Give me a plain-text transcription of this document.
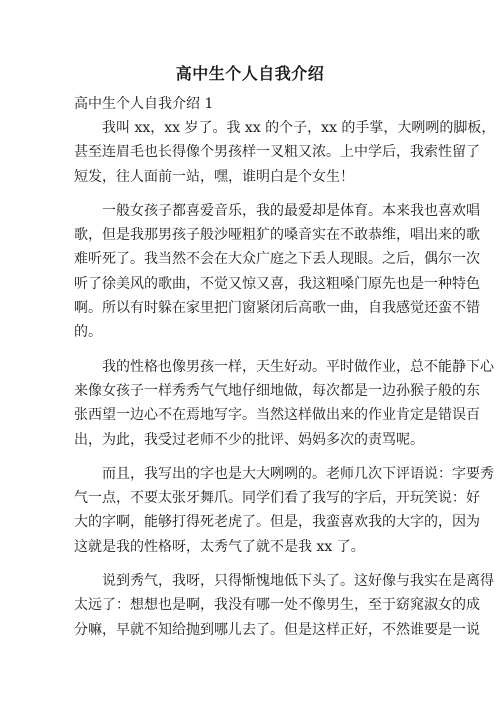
高中生个人自我介绍
高中生个人自我介绍 1

我叫 xx，xx 岁了。我 xx 的个子，xx 的手掌，大咧咧的脚板，
甚至连眉毛也长得像个男孩样一叉粗又浓。上中学后，我索性留了
短发，往人面前一站，嘿，谁明白是个女生！

一般女孩子都喜爱音乐，我的最爱却是体育。本来我也喜欢唱
歌，但是我那男孩子般沙哑粗犷的嗓音实在不敢恭维，唱出来的歌
难听死了。我当然不会在大众广庭之下丢人现眼。之后，偶尔一次
听了徐美风的歌曲，不觉又惊又喜，我这粗嗓门原先也是一种特色
啊。所以有时躲在家里把门窗紧闭后高歌一曲，自我感觉还蛮不错
的。

我的性格也像男孩一样，天生好动。平时做作业，总不能静下心
来像女孩子一样秀秀气气地仔细地做，每次都是一边孙猴子般的东
张西望一边心不在焉地写字。当然这样做出来的作业肯定是错误百
出，为此，我受过老师不少的批评、妈妈多次的责骂呢。

而且，我写出的字也是大大咧咧的。老师几次下评语说：字要秀
气一点，不要太张牙舞爪。同学们看了我写的字后，开玩笑说：好
大的字啊，能够打得死老虎了。但是，我蛮喜欢我的大字的，因为
这就是我的性格呀，太秀气了就不是我 xx 了。

说到秀气，我呀，只得惭愧地低下头了。这好像与我实在是离得
太远了：想想也是啊，我没有哪一处不像男生，至于窈窕淑女的成
分嘛，早就不知给抛到哪儿去了。但是这样正好，不然谁要是一说
